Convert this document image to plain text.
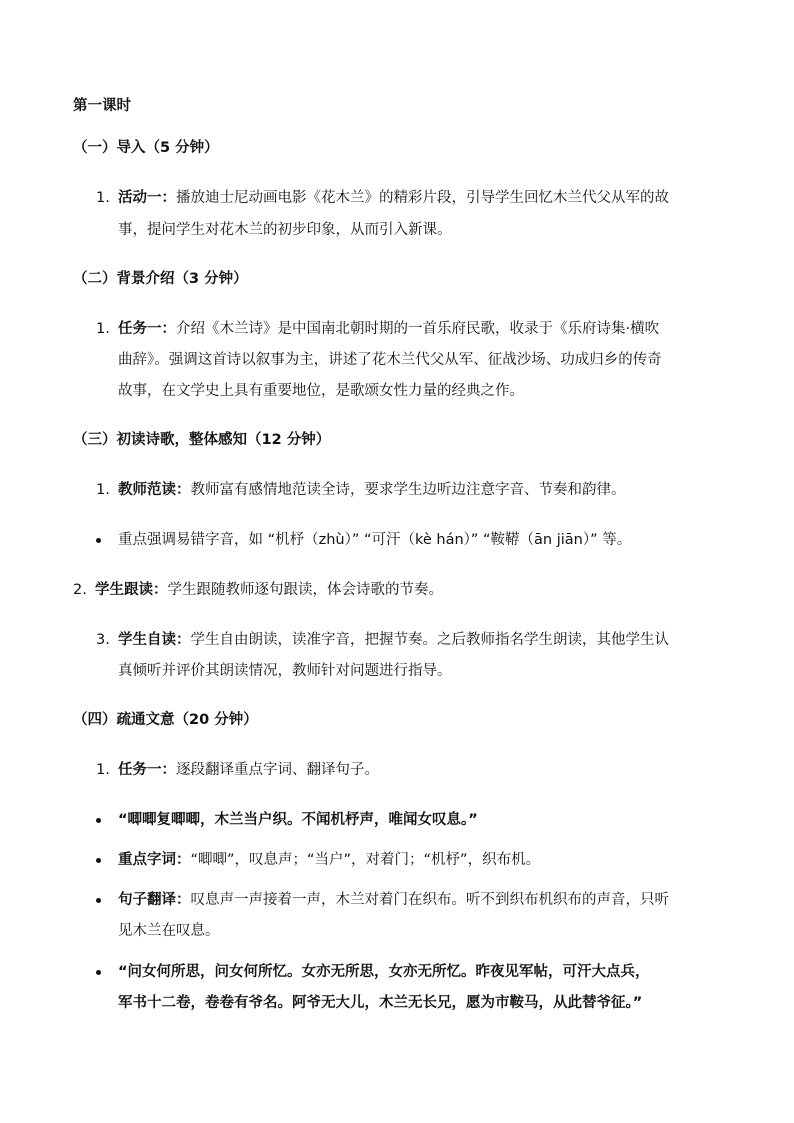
第一课时
（一）导入（5 分钟）
1. 活动一：播放迪士尼动画电影《花木兰》的精彩片段，引导学生回忆木兰代父从军的故
事，提问学生对花木兰的初步印象，从而引入新课。
（二）背景介绍（3 分钟）
1. 任务一：介绍《木兰诗》是中国南北朝时期的一首乐府民歌，收录于《乐府诗集·横吹
曲辞》。强调这首诗以叙事为主，讲述了花木兰代父从军、征战沙场、功成归乡的传奇
故事，在文学史上具有重要地位，是歌颂女性力量的经典之作。
（三）初读诗歌，整体感知（12 分钟）
1. 教师范读：教师富有感情地范读全诗，要求学生边听边注意字音、节奏和韵律。
重点强调易错字音，如 “机杼（zhù）” “可汗（kè hán）” “鞍鞯（ān jiān）” 等。
2. 学生跟读：学生跟随教师逐句跟读，体会诗歌的节奏。
3. 学生自读：学生自由朗读，读准字音，把握节奏。之后教师指名学生朗读，其他学生认
真倾听并评价其朗读情况，教师针对问题进行指导。
（四）疏通文意（20 分钟）
1. 任务一：逐段翻译重点字词、翻译句子。
“唧唧复唧唧，木兰当户织。不闻机杼声，唯闻女叹息。”
重点字词：“唧唧”，叹息声；“当户”，对着门；“机杼”，织布机。
句子翻译：叹息声一声接着一声，木兰对着门在织布。听不到织布机织布的声音，只听
见木兰在叹息。
“问女何所思，问女何所忆。女亦无所思，女亦无所忆。昨夜见军帖，可汗大点兵，
军书十二卷，卷卷有爷名。阿爷无大儿，木兰无长兄，愿为市鞍马，从此替爷征。”
